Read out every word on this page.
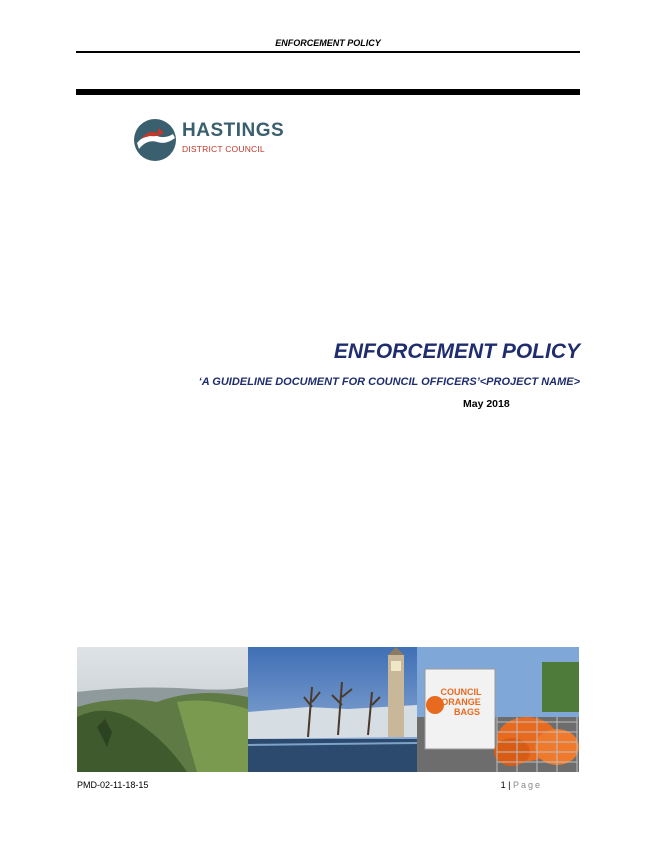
ENFORCEMENT POLICY
HASTINGS
DISTRICT COUNCIL
ENFORCEMENT POLICY
‘A GUIDELINE DOCUMENT FOR COUNCIL OFFICERS’<PROJECT NAME>
May 2018
COUNCIL
ORANGE
BAGS
PMD-02-11-18-15	1 | Page
